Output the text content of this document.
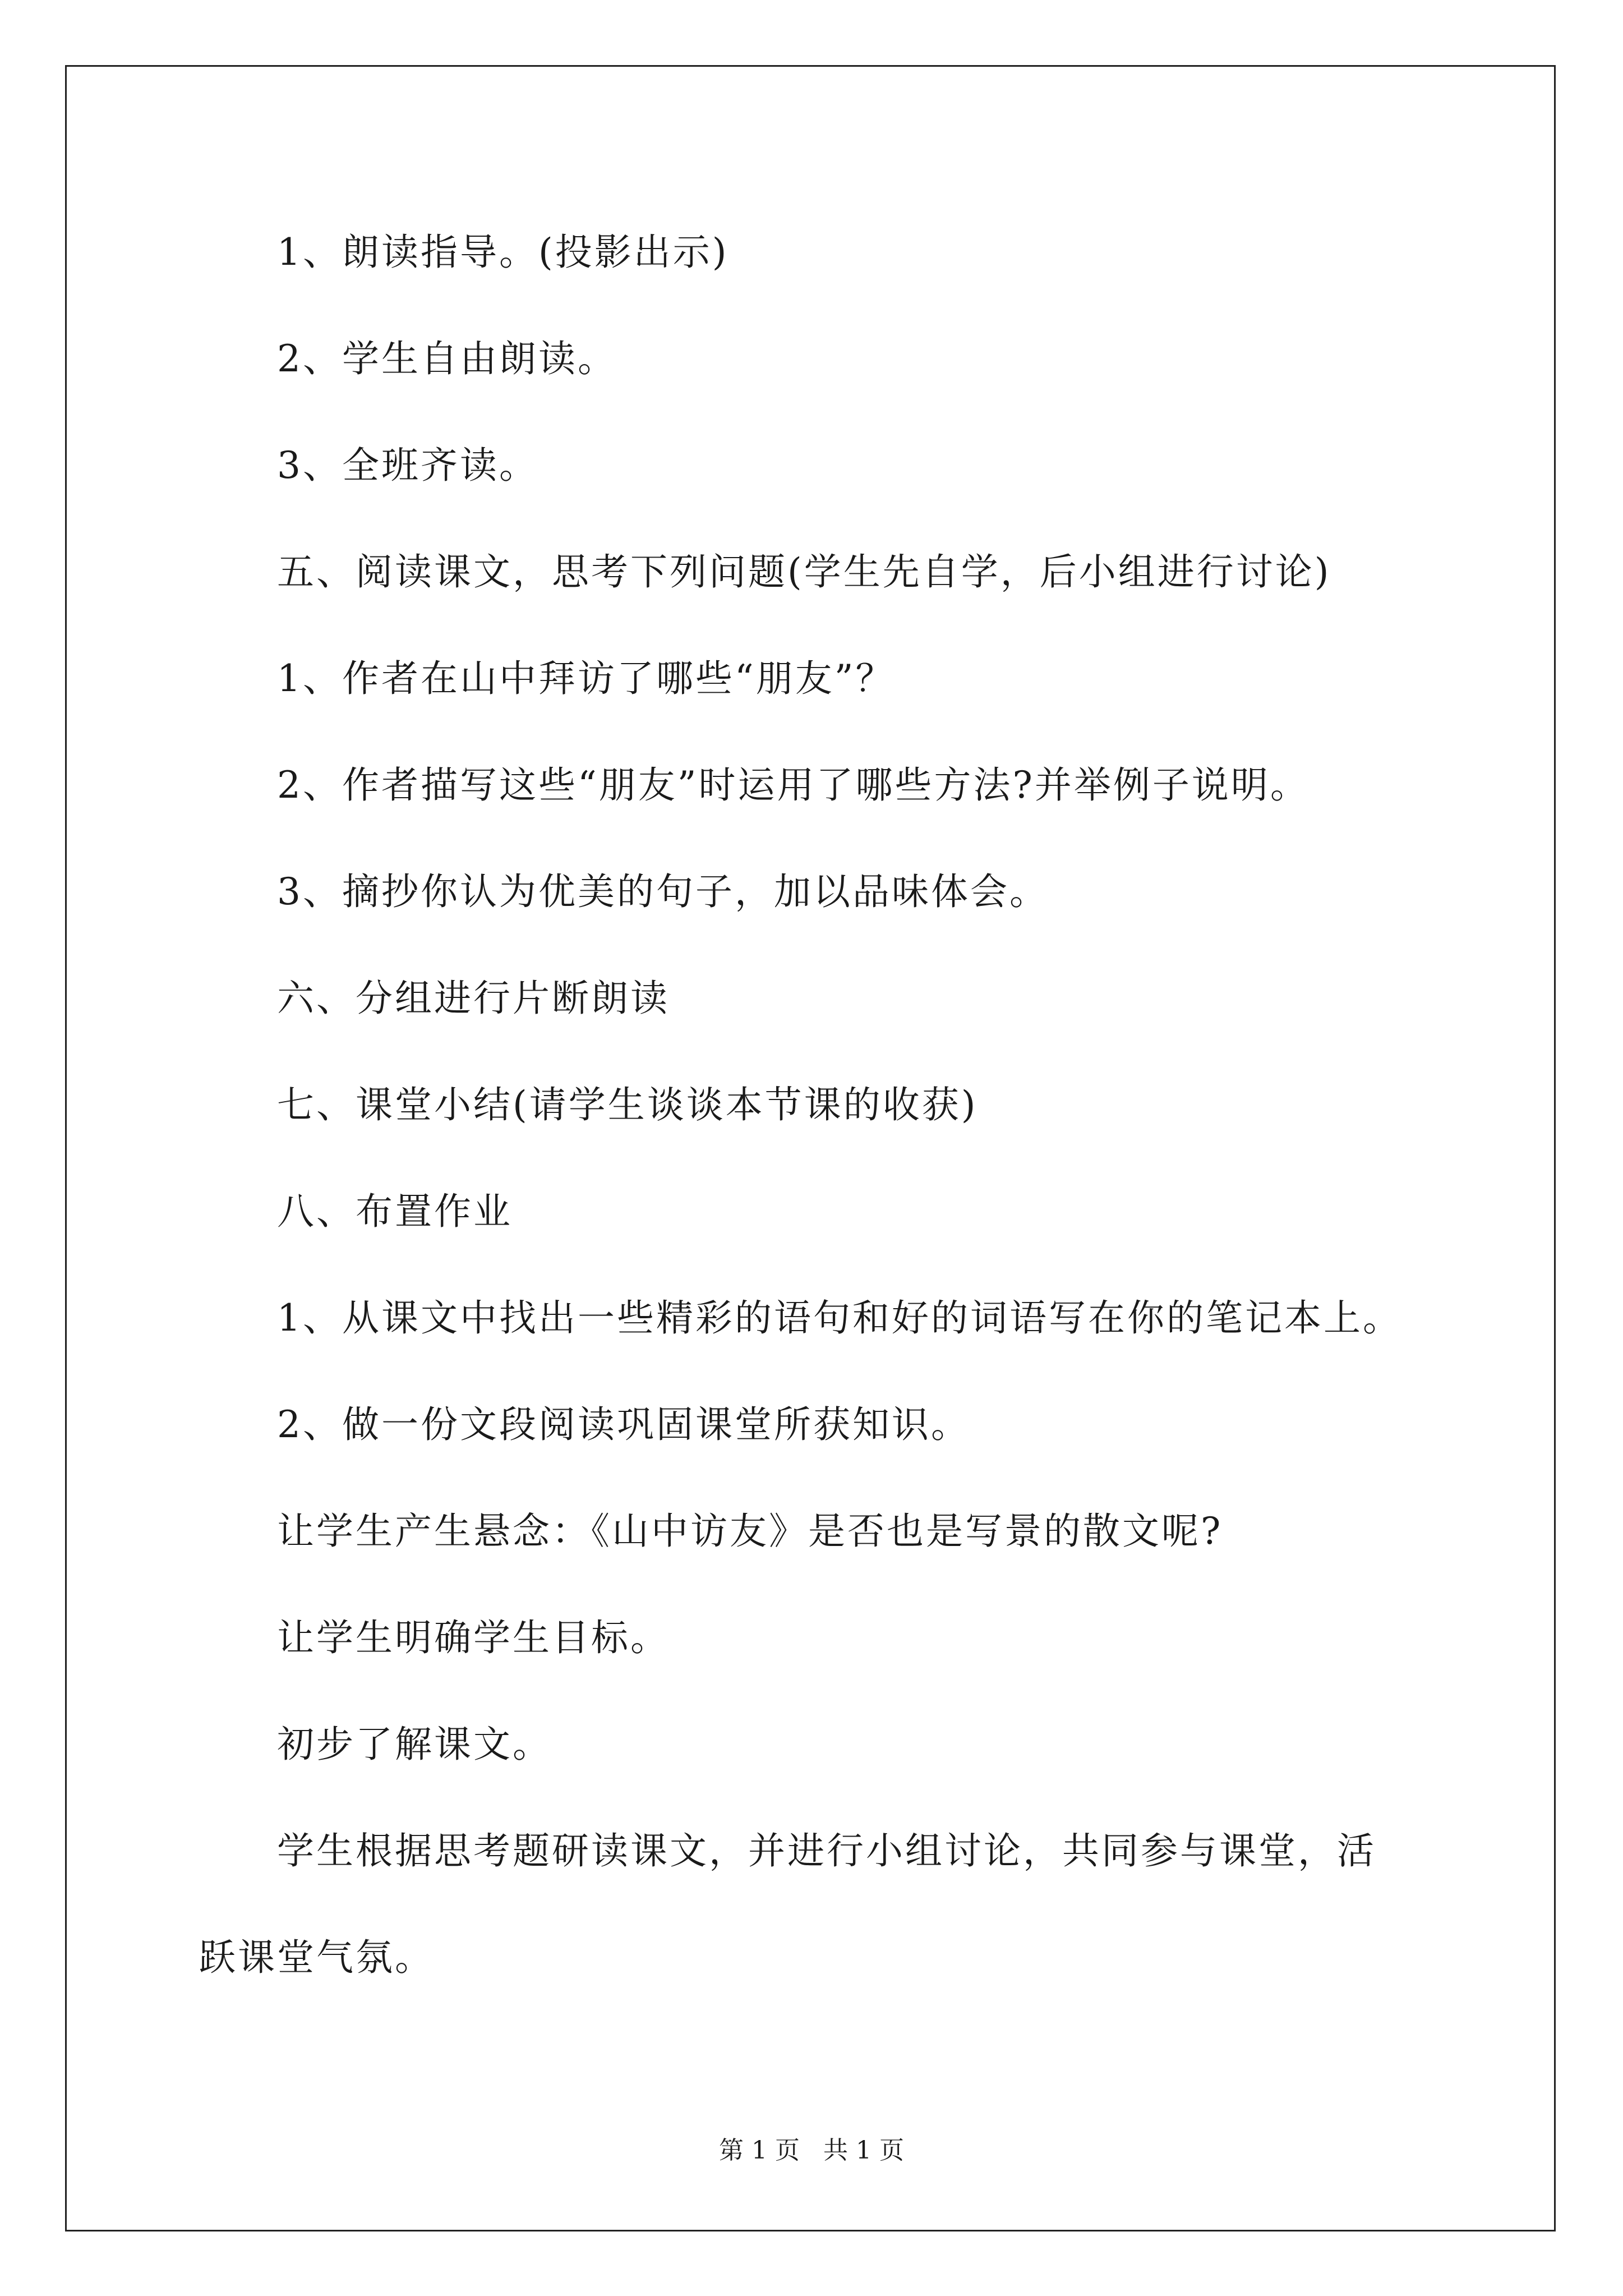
1、朗读指导。(投影出示)
2、学生自由朗读。
3、全班齐读。
五、阅读课文，思考下列问题(学生先自学，后小组进行讨论)
1、作者在山中拜访了哪些“朋友”？
2、作者描写这些“朋友”时运用了哪些方法?并举例子说明。
3、摘抄你认为优美的句子，加以品味体会。
六、分组进行片断朗读
七、课堂小结(请学生谈谈本节课的收获)
八、布置作业
1、从课文中找出一些精彩的语句和好的词语写在你的笔记本上。
2、做一份文段阅读巩固课堂所获知识。
让学生产生悬念：《山中访友》是否也是写景的散文呢?
让学生明确学生目标。
初步了解课文。
学生根据思考题研读课文，并进行小组讨论，共同参与课堂，活
跃课堂气氛。
第 1 页   共 1 页
